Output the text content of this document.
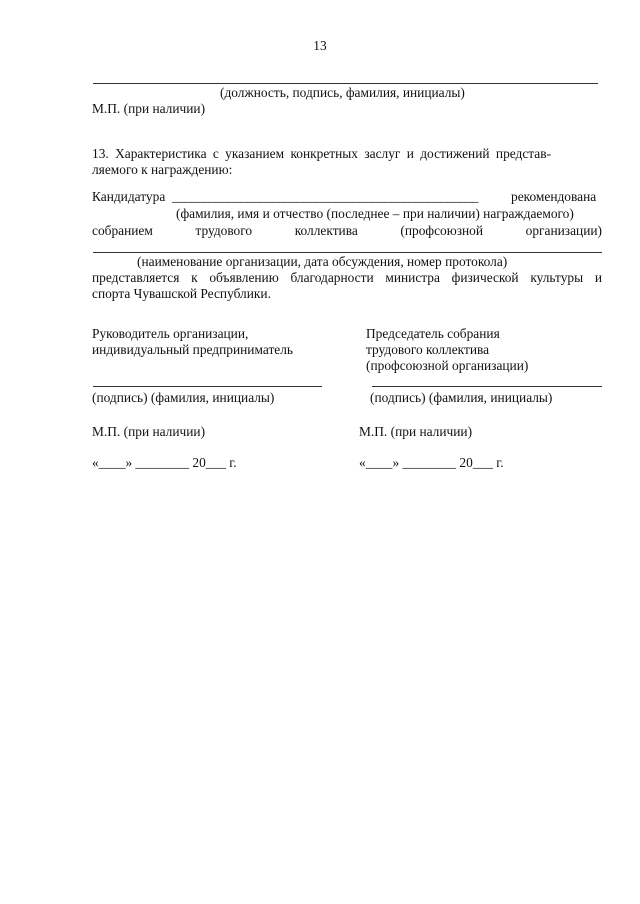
13
(должность, подпись, фамилия, инициалы)
М.П. (при наличии)
13. Характеристика с указанием конкретных заслуг и достижений представ-
ляемого к награждению:
Кандидатура _________________________________________________ рекомендована
(фамилия, имя и отчество (последнее – при наличии) награждаемого)
собранием трудового коллектива (профсоюзной организации)
(наименование организации, дата обсуждения, номер протокола)
представляется к объявлению благодарности министра физической культуры и
спорта Чувашской Республики.
Руководитель организации,
индивидуальный предприниматель
(подпись) (фамилия, инициалы)
М.П. (при наличии)
«____» ________ 20___ г.
Председатель собрания
трудового коллектива
(профсоюзной организации)
(подпись) (фамилия, инициалы)
М.П. (при наличии)
«____» ________ 20___ г.
